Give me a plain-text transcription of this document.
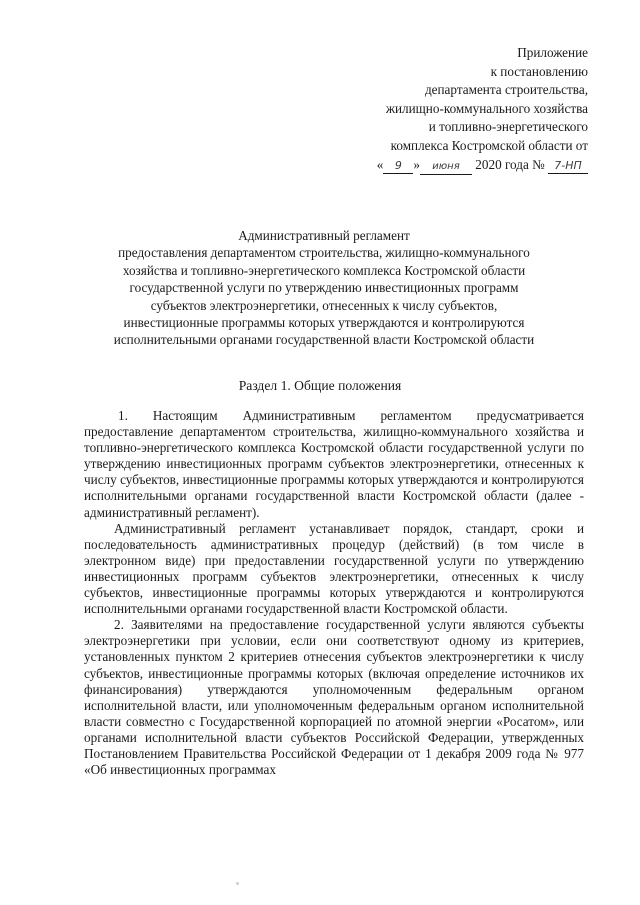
Приложение
к постановлению
департамента строительства,
жилищно-коммунального хозяйства
и топливно-энергетического
комплекса Костромской области от
« 9 » июня 2020 года № 7-НП
Административный регламент
предоставления департаментом строительства, жилищно-коммунального
хозяйства и топливно-энергетического комплекса Костромской области
государственной услуги по утверждению инвестиционных программ
субъектов электроэнергетики, отнесенных к числу субъектов,
инвестиционные программы которых утверждаются и контролируются
исполнительными органами государственной власти Костромской области
Раздел 1. Общие положения

1. Настоящим Административным регламентом предусматривается предоставление департаментом строительства, жилищно-коммунального хозяйства и топливно-энергетического комплекса Костромской области государственной услуги по утверждению инвестиционных программ субъектов электроэнергетики, отнесенных к числу субъектов, инвестиционные программы которых утверждаются и контролируются исполнительными органами государственной власти Костромской области (далее - административный регламент).

Административный регламент устанавливает порядок, стандарт, сроки и последовательность административных процедур (действий) (в том числе в электронном виде) при предоставлении государственной услуги по утверждению инвестиционных программ субъектов электроэнергетики, отнесенных к числу субъектов, инвестиционные программы которых утверждаются и контролируются исполнительными органами государственной власти Костромской области.

2. Заявителями на предоставление государственной услуги являются субъекты электроэнергетики при условии, если они соответствуют одному из критериев, установленных пунктом 2 критериев отнесения субъектов электроэнергетики к числу субъектов, инвестиционные программы которых (включая определение источников их финансирования) утверждаются уполномоченным федеральным органом исполнительной власти, или уполномоченным федеральным органом исполнительной власти совместно с Государственной корпорацией по атомной энергии «Росатом», или органами исполнительной власти субъектов Российской Федерации, утвержденных Постановлением Правительства Российской Федерации от 1 декабря 2009 года № 977 «Об инвестиционных программах
